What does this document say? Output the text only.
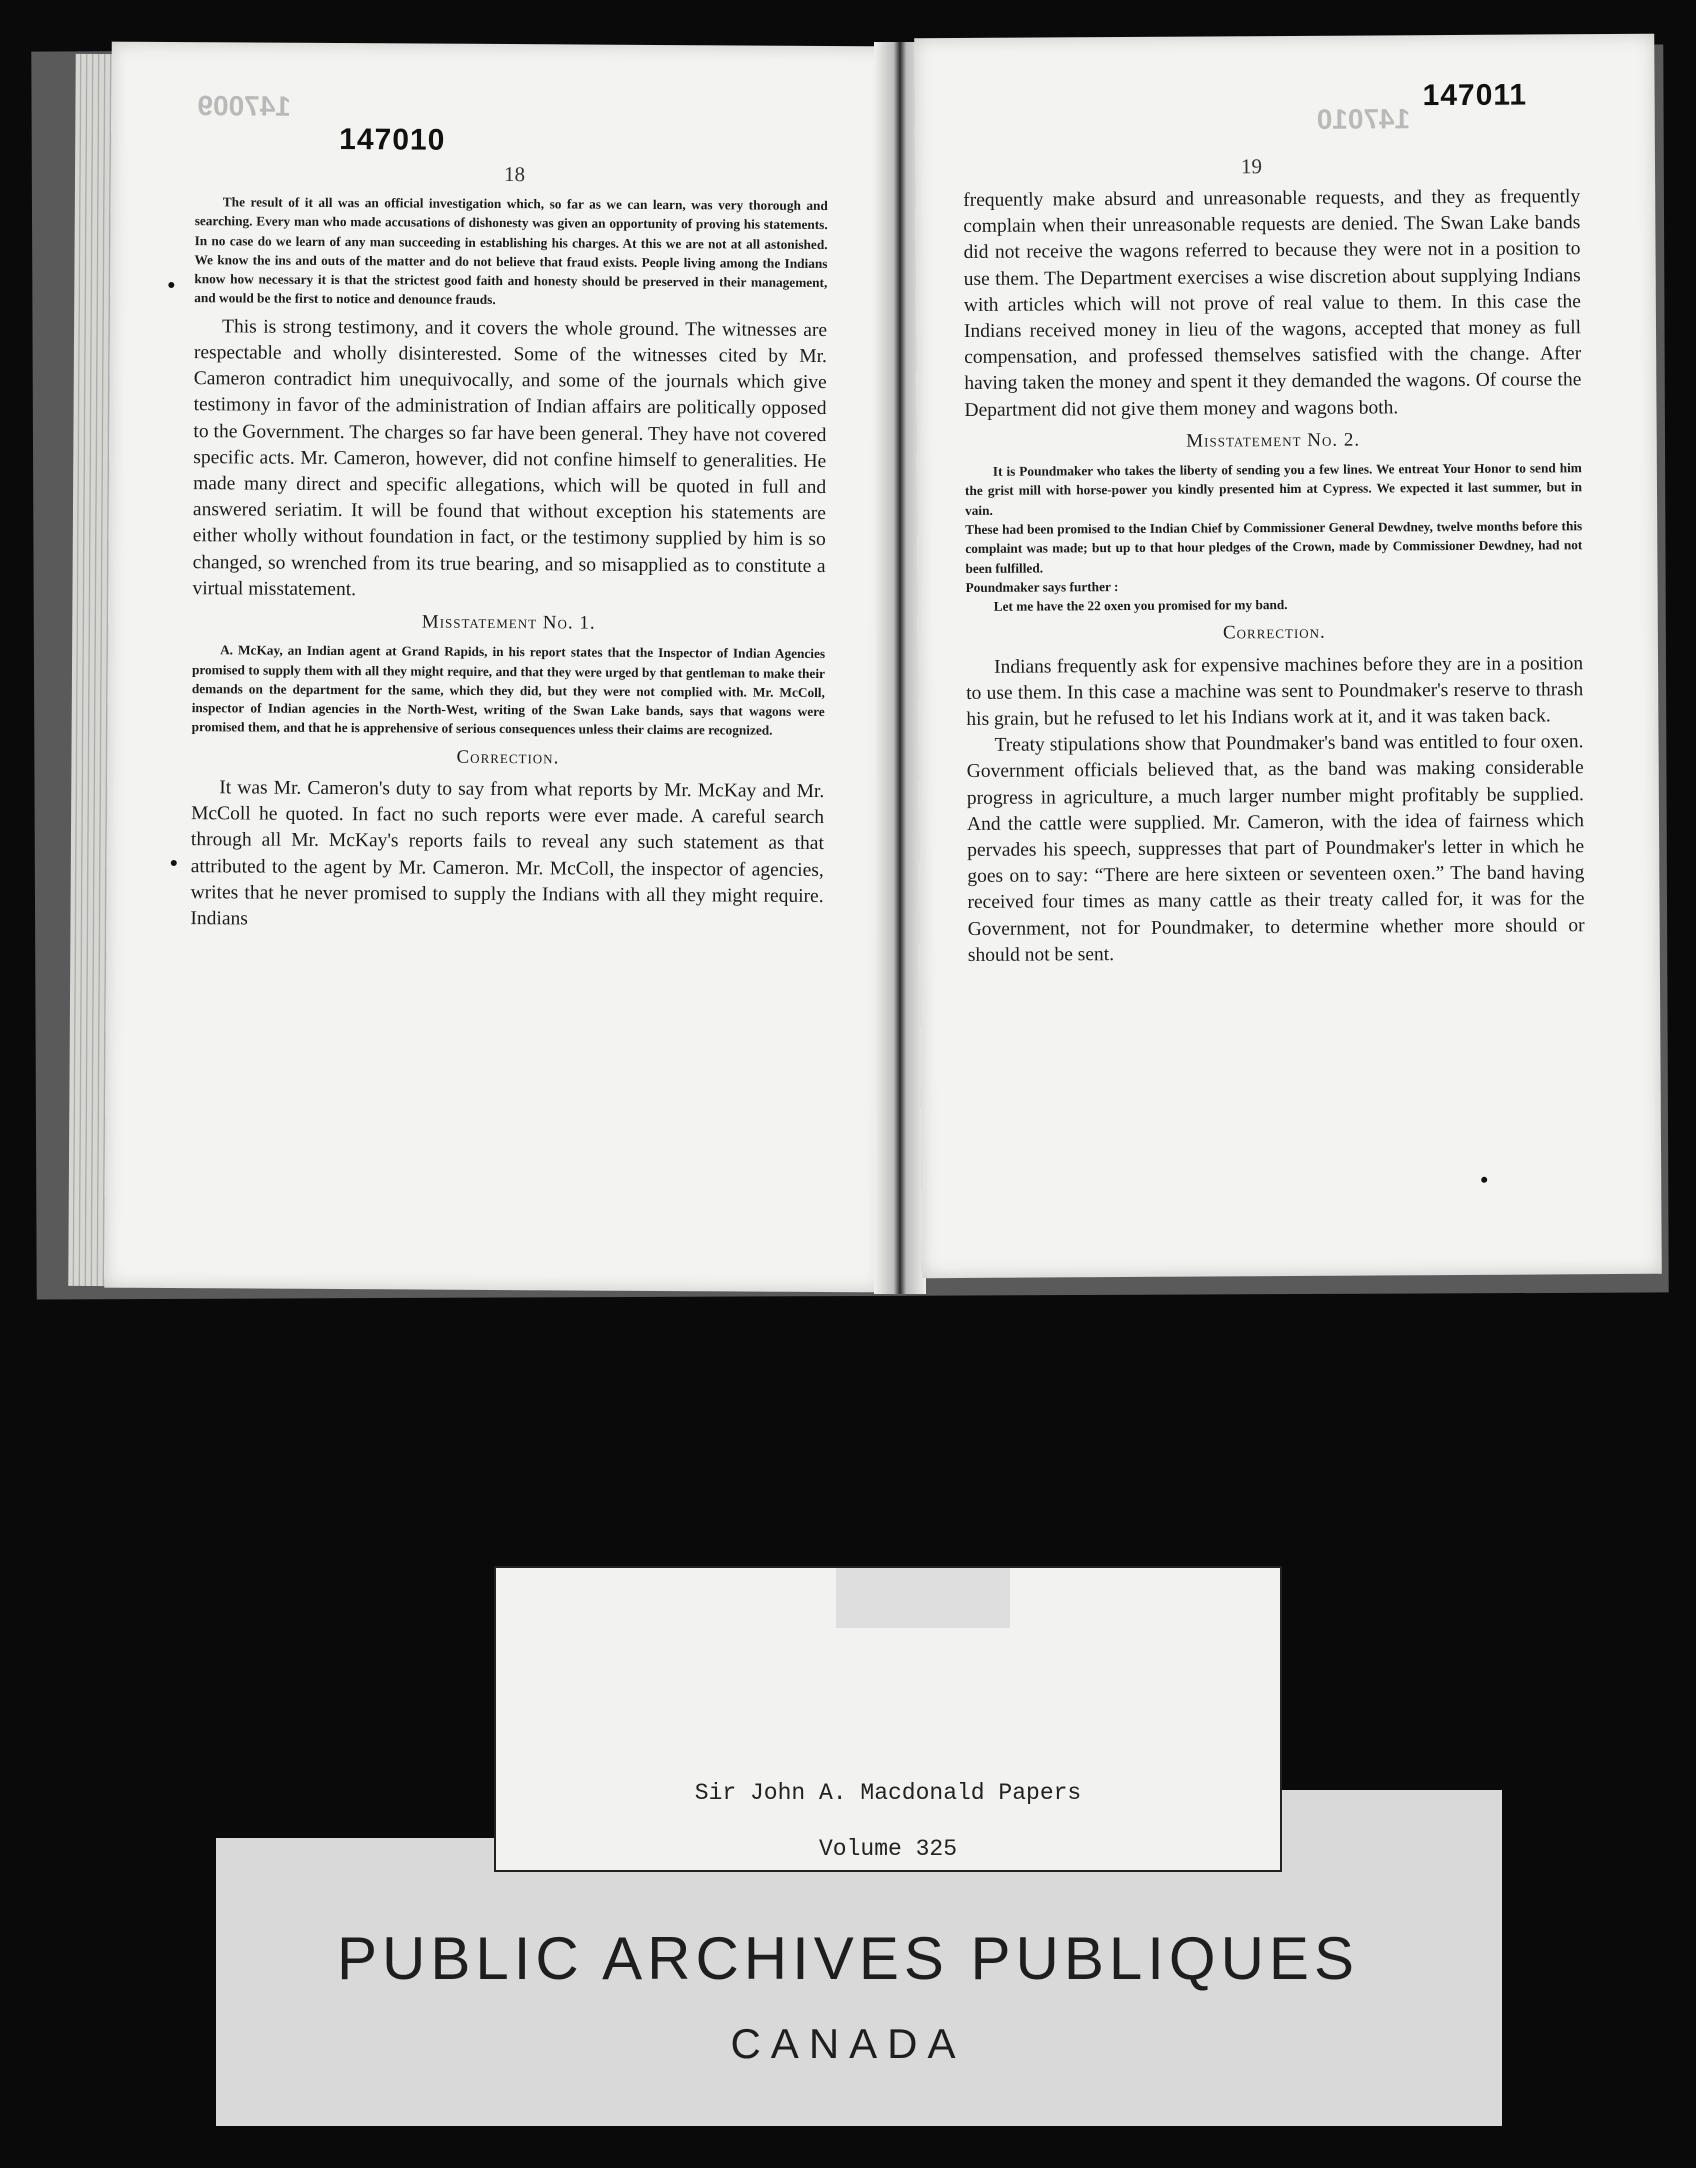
147009
147010
18

The result of it all was an official investigation which, so far as we can learn, was very thorough and searching. Every man who made accusations of dishonesty was given an opportunity of proving his statements. In no case do we learn of any man succeeding in establishing his charges. At this we are not at all astonished. We know the ins and outs of the matter and do not believe that fraud exists. People living among the Indians know how necessary it is that the strictest good faith and honesty should be preserved in their management, and would be the first to notice and denounce frauds.

This is strong testimony, and it covers the whole ground. The witnesses are respectable and wholly disinterested. Some of the witnesses cited by Mr. Cameron contradict him unequivocally, and some of the journals which give testimony in favor of the administration of Indian affairs are politically opposed to the Government. The charges so far have been general. They have not covered specific acts. Mr. Cameron, however, did not confine himself to generalities. He made many direct and specific allegations, which will be quoted in full and answered seriatim. It will be found that without exception his statements are either wholly without foundation in fact, or the testimony supplied by him is so changed, so wrenched from its true bearing, and so misapplied as to constitute a virtual misstatement.

Misstatement No. 1.

A. McKay, an Indian agent at Grand Rapids, in his report states that the Inspector of Indian Agencies promised to supply them with all they might require, and that they were urged by that gentleman to make their demands on the department for the same, which they did, but they were not complied with. Mr. McColl, inspector of Indian agencies in the North-West, writing of the Swan Lake bands, says that wagons were promised them, and that he is apprehensive of serious consequences unless their claims are recognized.

Correction.

It was Mr. Cameron's duty to say from what reports by Mr. McKay and Mr. McColl he quoted. In fact no such reports were ever made. A careful search through all Mr. McKay's reports fails to reveal any such statement as that attributed to the agent by Mr. Cameron. Mr. McColl, the inspector of agencies, writes that he never promised to supply the Indians with all they might require. Indians

147010
147011
19

frequently make absurd and unreasonable requests, and they as frequently complain when their unreasonable requests are denied. The Swan Lake bands did not receive the wagons referred to because they were not in a position to use them. The Department exercises a wise discretion about supplying Indians with articles which will not prove of real value to them. In this case the Indians received money in lieu of the wagons, accepted that money as full compensation, and professed themselves satisfied with the change. After having taken the money and spent it they demanded the wagons. Of course the Department did not give them money and wagons both.

Misstatement No. 2.

It is Poundmaker who takes the liberty of sending you a few lines. We entreat Your Honor to send him the grist mill with horse-power you kindly presented him at Cypress. We expected it last summer, but in vain.

These had been promised to the Indian Chief by Commissioner General Dewdney, twelve months before this complaint was made; but up to that hour pledges of the Crown, made by Commissioner Dewdney, had not been fulfilled.

Poundmaker says further :

Let me have the 22 oxen you promised for my band.

Correction.

Indians frequently ask for expensive machines before they are in a position to use them. In this case a machine was sent to Poundmaker's reserve to thrash his grain, but he refused to let his Indians work at it, and it was taken back.

Treaty stipulations show that Poundmaker's band was entitled to four oxen. Government officials believed that, as the band was making considerable progress in agriculture, a much larger number might profitably be supplied. And the cattle were supplied. Mr. Cameron, with the idea of fairness which pervades his speech, suppresses that part of Poundmaker's letter in which he goes on to say: “There are here sixteen or seventeen oxen.” The band having received four times as many cattle as their treaty called for, it was for the Government, not for Poundmaker, to determine whether more should or should not be sent.

Sir John A. Macdonald Papers
Volume 325
PUBLIC ARCHIVES PUBLIQUES
CANADA
